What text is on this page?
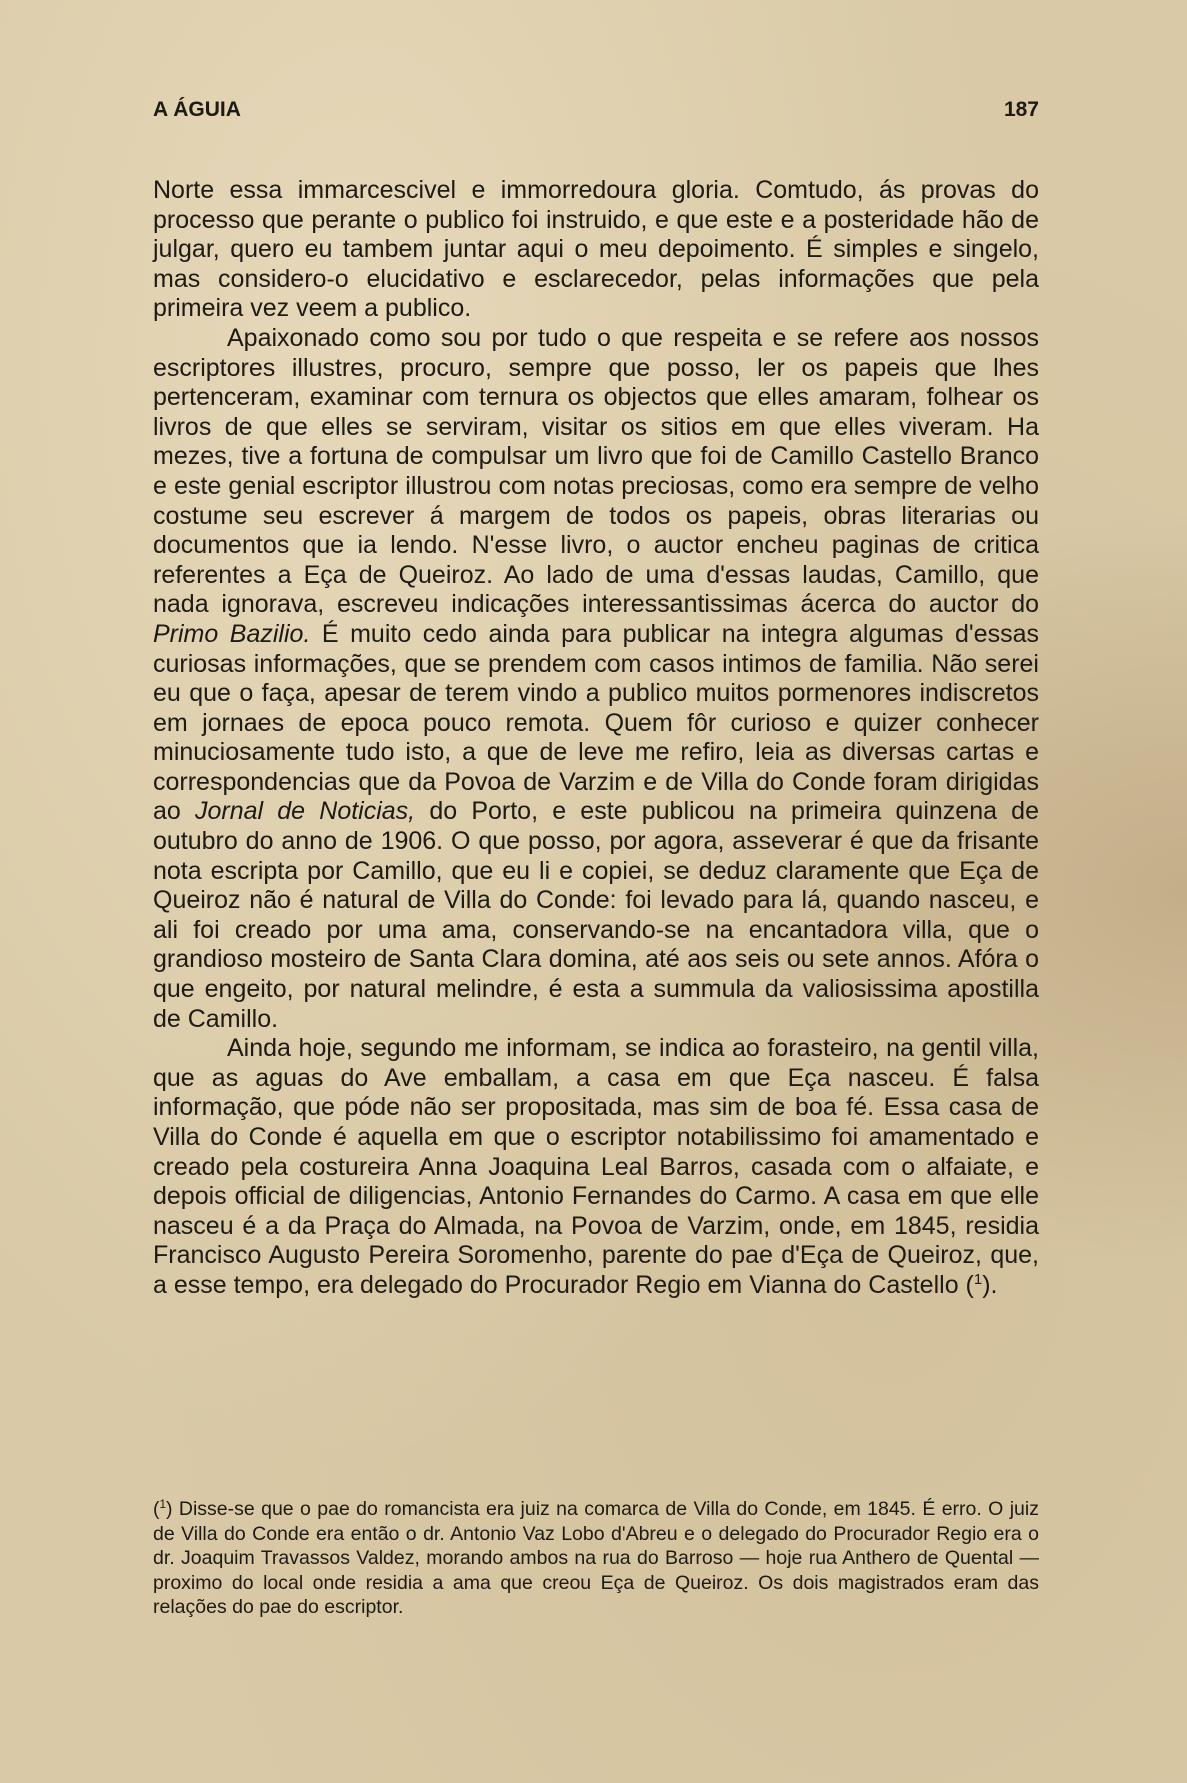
A ÁGUIA	187

Norte essa immarcescivel e immorredoura gloria. Comtudo, ás provas do processo que perante o publico foi instruido, e que este e a posteridade hão de julgar, quero eu tambem juntar aqui o meu depoimento. É simples e singelo, mas considero-o elucidativo e esclarecedor, pelas informações que pela primeira vez veem a publico.

Apaixonado como sou por tudo o que respeita e se refere aos nossos escriptores illustres, procuro, sempre que posso, ler os papeis que lhes pertenceram, examinar com ternura os objectos que elles amaram, folhear os livros de que elles se serviram, visitar os sitios em que elles viveram. Ha mezes, tive a fortuna de compulsar um livro que foi de Camillo Castello Branco e este genial escriptor illustrou com notas preciosas, como era sempre de velho costume seu escrever á margem de todos os papeis, obras literarias ou documentos que ia lendo. N'esse livro, o auctor encheu paginas de critica referentes a Eça de Queiroz. Ao lado de uma d'essas laudas, Camillo, que nada ignorava, escreveu indicações interessantissimas ácerca do auctor do Primo Bazilio. É muito cedo ainda para publicar na integra algumas d'essas curiosas informações, que se prendem com casos intimos de familia. Não serei eu que o faça, apesar de terem vindo a publico muitos pormenores indiscretos em jornaes de epoca pouco remota. Quem fôr curioso e quizer conhecer minuciosamente tudo isto, a que de leve me refiro, leia as diversas cartas e correspondencias que da Povoa de Varzim e de Villa do Conde foram dirigidas ao Jornal de Noticias, do Porto, e este publicou na primeira quinzena de outubro do anno de 1906. O que posso, por agora, asseverar é que da frisante nota escripta por Camillo, que eu li e copiei, se deduz claramente que Eça de Queiroz não é natural de Villa do Conde: foi levado para lá, quando nasceu, e ali foi creado por uma ama, conservando-se na encantadora villa, que o grandioso mosteiro de Santa Clara domina, até aos seis ou sete annos. Afóra o que engeito, por natural melindre, é esta a summula da valiosissima apostilla de Camillo.

Ainda hoje, segundo me informam, se indica ao forasteiro, na gentil villa, que as aguas do Ave emballam, a casa em que Eça nasceu. É falsa informação, que póde não ser propositada, mas sim de boa fé. Essa casa de Villa do Conde é aquella em que o escriptor notabilissimo foi amamentado e creado pela costureira Anna Joaquina Leal Barros, casada com o alfaiate, e depois official de diligencias, Antonio Fernandes do Carmo. A casa em que elle nasceu é a da Praça do Almada, na Povoa de Varzim, onde, em 1845, residia Francisco Augusto Pereira Soromenho, parente do pae d'Eça de Queiroz, que, a esse tempo, era delegado do Procurador Regio em Vianna do Castello ($^1$).

($^1$) Disse-se que o pae do romancista era juiz na comarca de Villa do Conde, em 1845. É erro. O juiz de Villa do Conde era então o dr. Antonio Vaz Lobo d'Abreu e o delegado do Procurador Regio era o dr. Joaquim Travassos Valdez, morando ambos na rua do Barroso — hoje rua Anthero de Quental — proximo do local onde residia a ama que creou Eça de Queiroz. Os dois magistrados eram das relações do pae do escriptor.
